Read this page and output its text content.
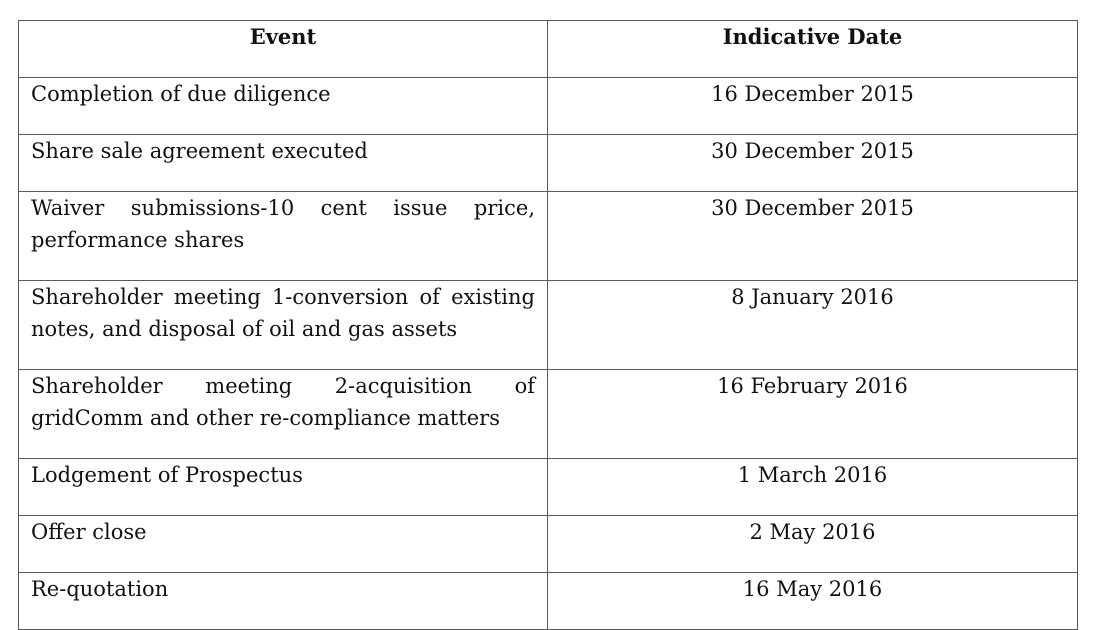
Event	Indicative Date

Completion of due diligence	16 December 2015

Share sale agreement executed	30 December 2015

Waiver submissions-10 cent issue price, performance shares	30 December 2015

Shareholder meeting 1-conversion of existing notes, and disposal of oil and gas assets	8 January 2016

Shareholder meeting 2-acquisition of gridComm and other re-compliance matters	16 February 2016

Lodgement of Prospectus	1 March 2016

Offer close	2 May 2016

Re-quotation	16 May 2016
